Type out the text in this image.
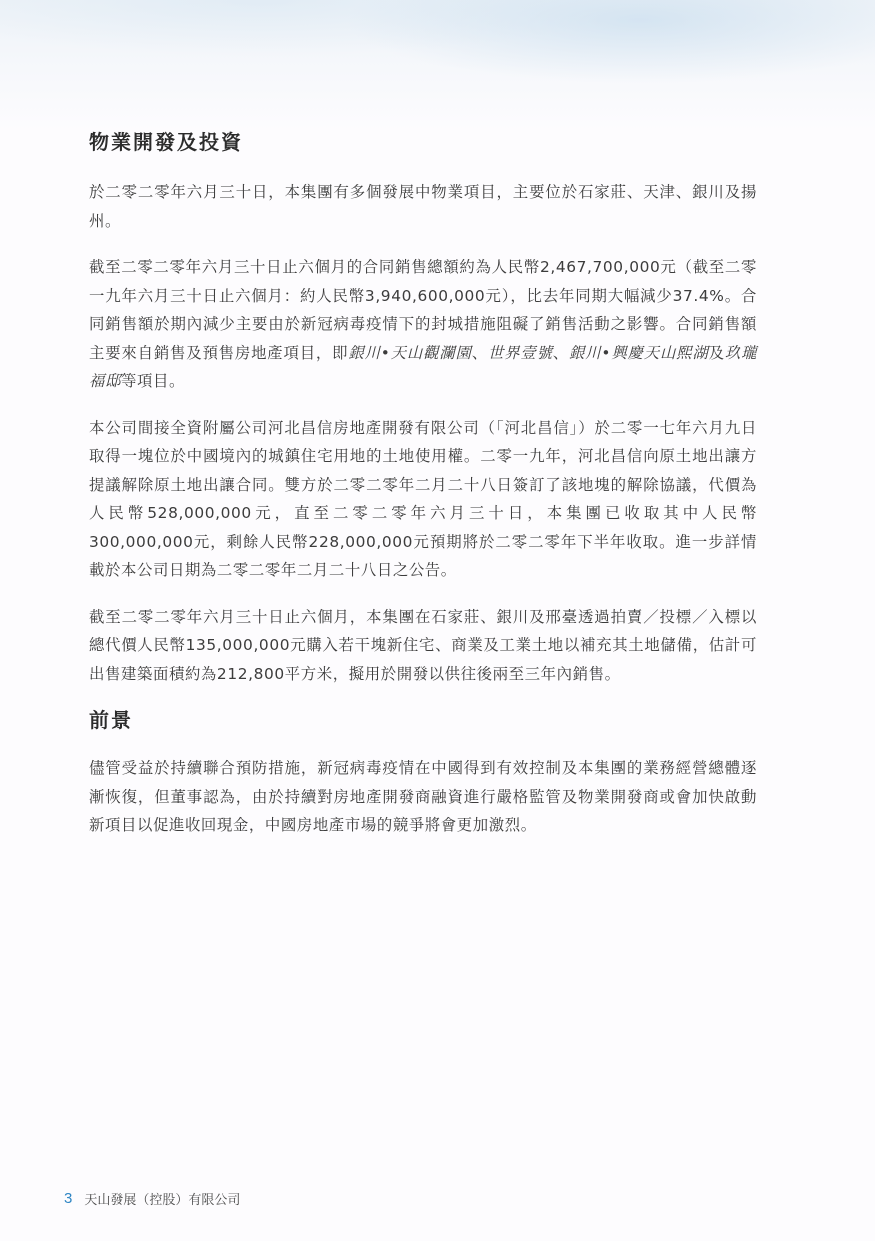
物業開發及投資

於二零二零年六月三十日，本集團有多個發展中物業項目，主要位於石家莊、天津、銀川及揚州。

截至二零二零年六月三十日止六個月的合同銷售總額約為人民幣2,467,700,000元（截至二零一九年六月三十日止六個月：約人民幣3,940,600,000元），比去年同期大幅減少37.4%。合同銷售額於期內減少主要由於新冠病毒疫情下的封城措施阻礙了銷售活動之影響。合同銷售額主要來自銷售及預售房地產項目，即銀川•天山觀瀾園、世界壹號、銀川•興慶天山熙湖及玖瓏福邸等項目。

本公司間接全資附屬公司河北昌信房地產開發有限公司（「河北昌信」）於二零一七年六月九日取得一塊位於中國境內的城鎮住宅用地的土地使用權。二零一九年，河北昌信向原土地出讓方提議解除原土地出讓合同。雙方於二零二零年二月二十八日簽訂了該地塊的解除協議，代價為人民幣528,000,000元，直至二零二零年六月三十日，本集團已收取其中人民幣300,000,000元，剩餘人民幣228,000,000元預期將於二零二零年下半年收取。進一步詳情載於本公司日期為二零二零年二月二十八日之公告。

截至二零二零年六月三十日止六個月，本集團在石家莊、銀川及邢臺透過拍賣／投標／入標以總代價人民幣135,000,000元購入若干塊新住宅、商業及工業土地以補充其土地儲備，估計可出售建築面積約為212,800平方米，擬用於開發以供往後兩至三年內銷售。

前景

儘管受益於持續聯合預防措施，新冠病毒疫情在中國得到有效控制及本集團的業務經營總體逐漸恢復，但董事認為，由於持續對房地產開發商融資進行嚴格監管及物業開發商或會加快啟動新項目以促進收回現金，中國房地產市場的競爭將會更加激烈。

3 天山發展（控股）有限公司
